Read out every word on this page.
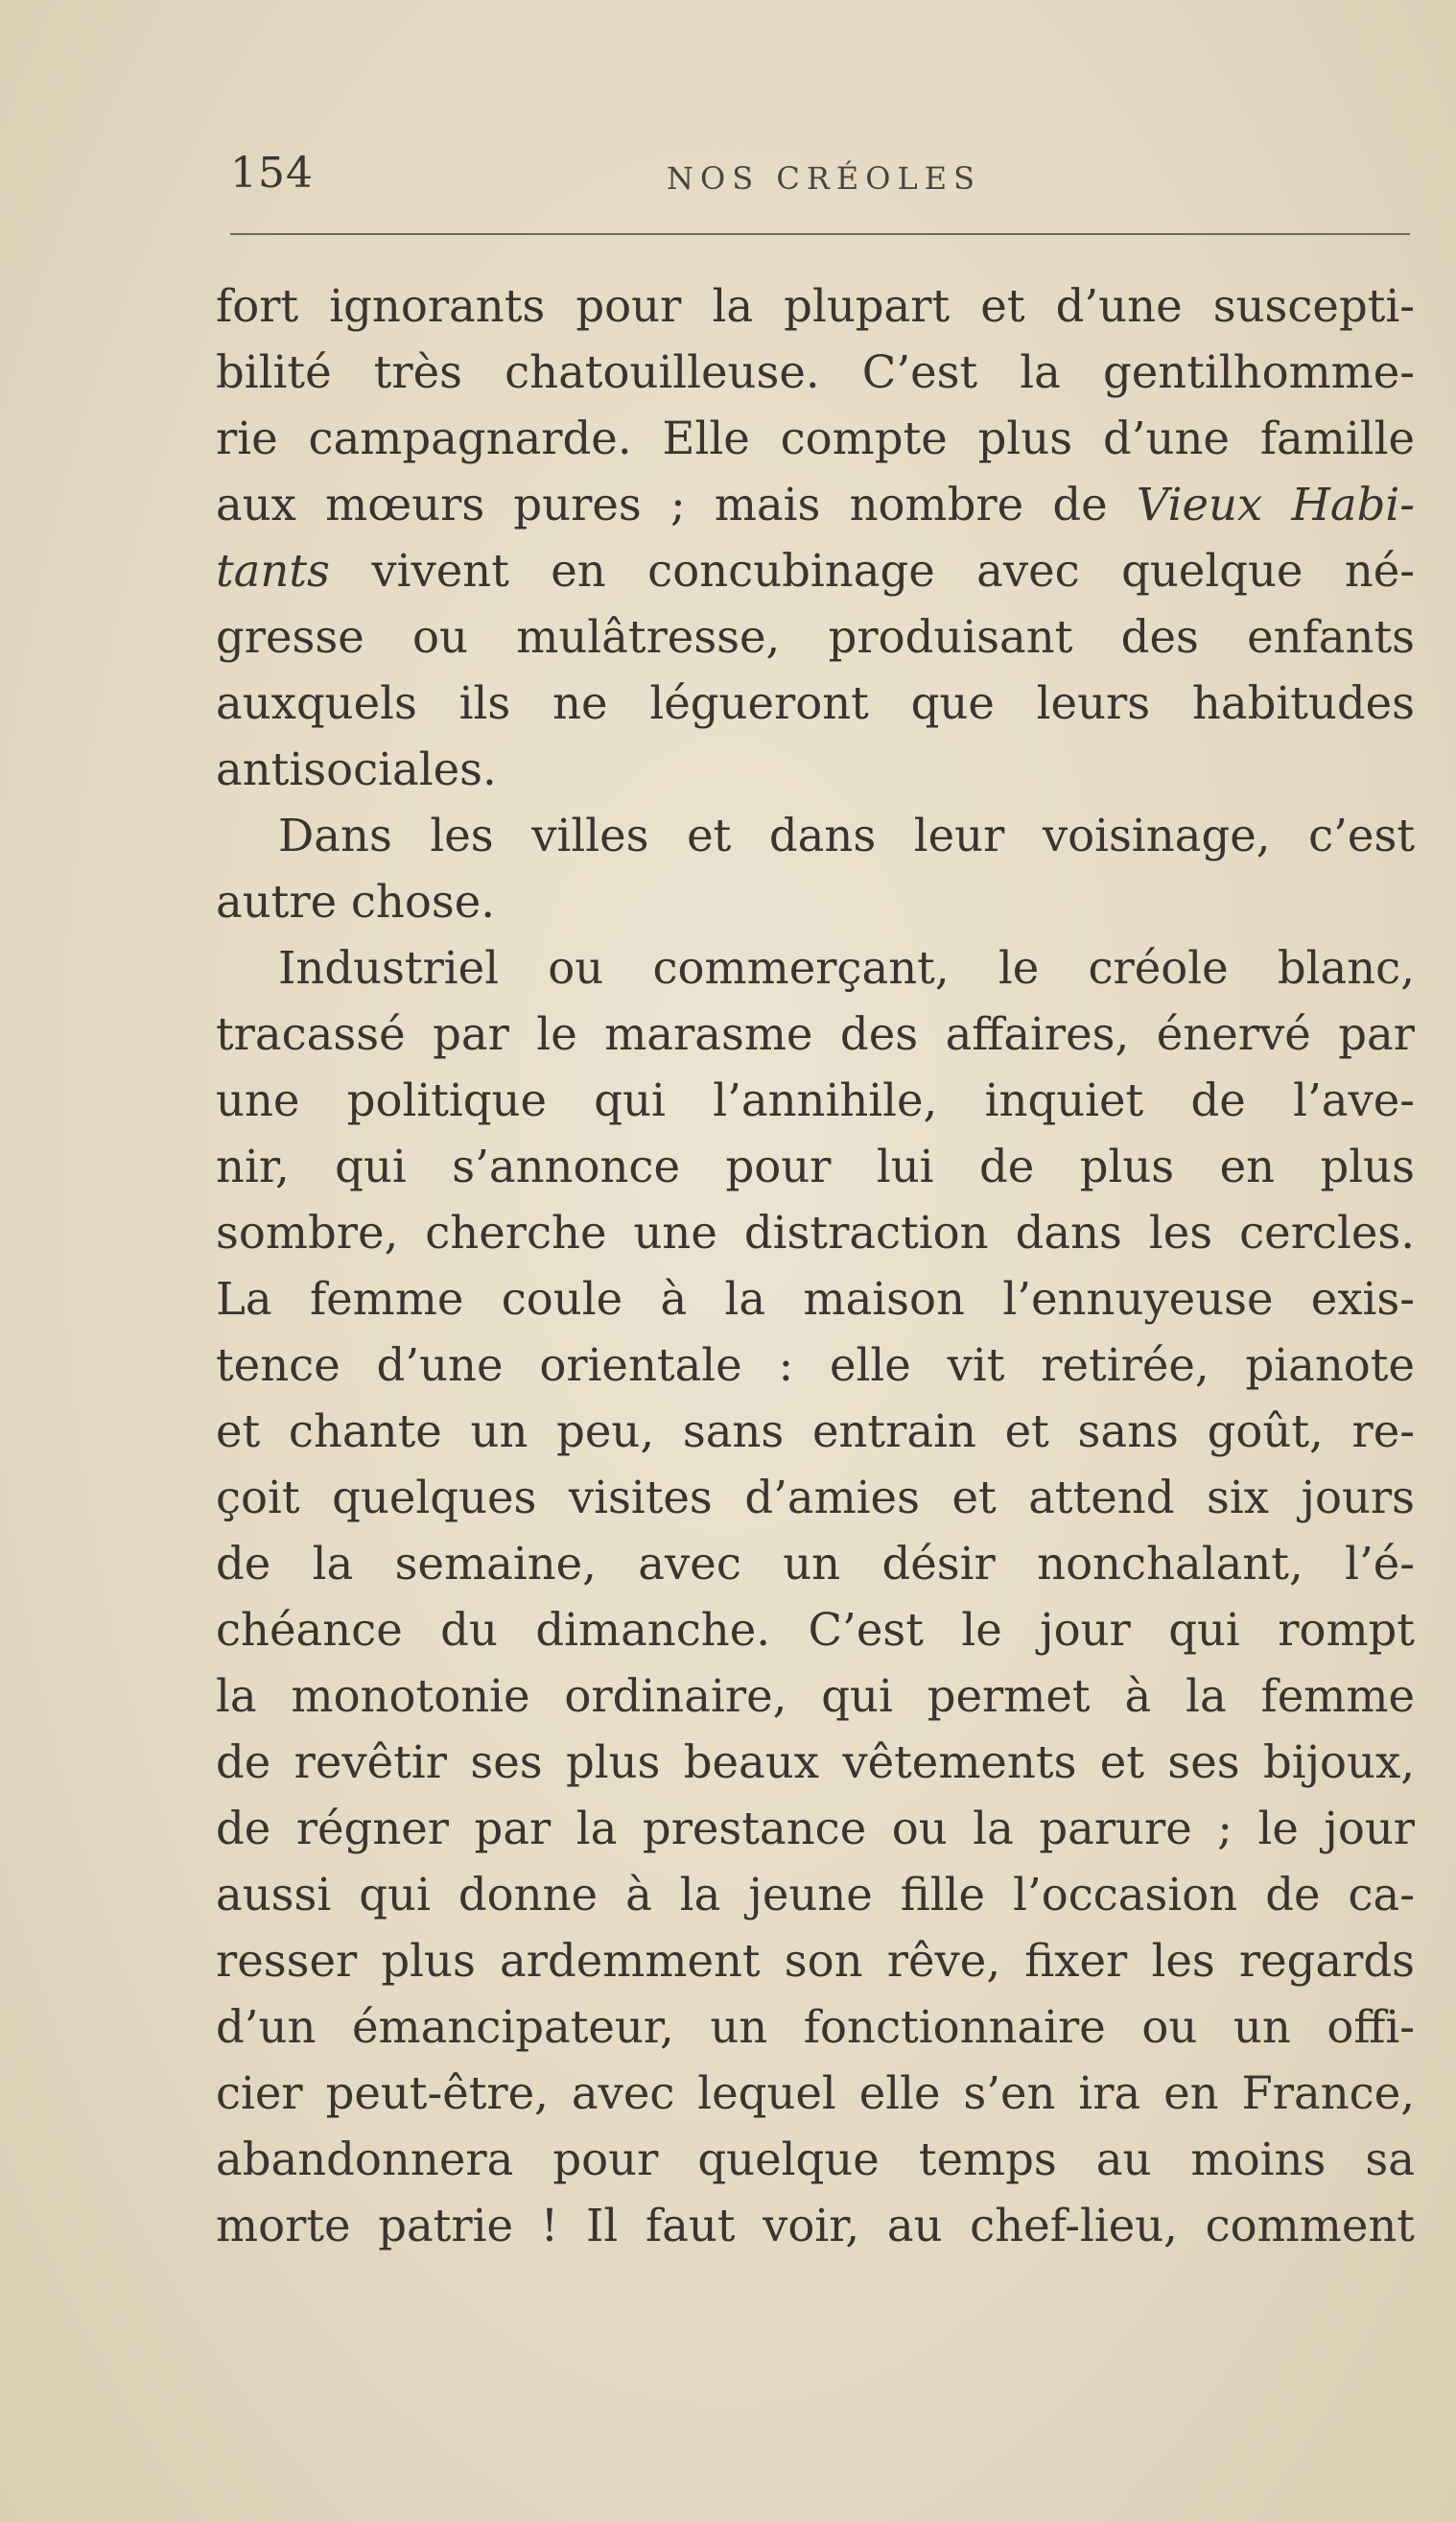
154	NOS CRÉOLES
fort ignorants pour la plupart et d’une suscepti-
bilité très chatouilleuse. C’est la gentilhomme-
rie campagnarde. Elle compte plus d’une famille
aux mœurs pures ; mais nombre de Vieux Habi-
tants vivent en concubinage avec quelque né-
gresse ou mulâtresse, produisant des enfants
auxquels ils ne légueront que leurs habitudes
antisociales.
Dans les villes et dans leur voisinage, c’est
autre chose.
Industriel ou commerçant, le créole blanc,
tracassé par le marasme des affaires, énervé par
une politique qui l’annihile, inquiet de l’ave-
nir, qui s’annonce pour lui de plus en plus
sombre, cherche une distraction dans les cercles.
La femme coule à la maison l’ennuyeuse exis-
tence d’une orientale : elle vit retirée, pianote
et chante un peu, sans entrain et sans goût, re-
çoit quelques visites d’amies et attend six jours
de la semaine, avec un désir nonchalant, l’é-
chéance du dimanche. C’est le jour qui rompt
la monotonie ordinaire, qui permet à la femme
de revêtir ses plus beaux vêtements et ses bijoux,
de régner par la prestance ou la parure ; le jour
aussi qui donne à la jeune fille l’occasion de ca-
resser plus ardemment son rêve, fixer les regards
d’un émancipateur, un fonctionnaire ou un offi-
cier peut-être, avec lequel elle s’en ira en France,
abandonnera pour quelque temps au moins sa
morte patrie ! Il faut voir, au chef-lieu, comment
